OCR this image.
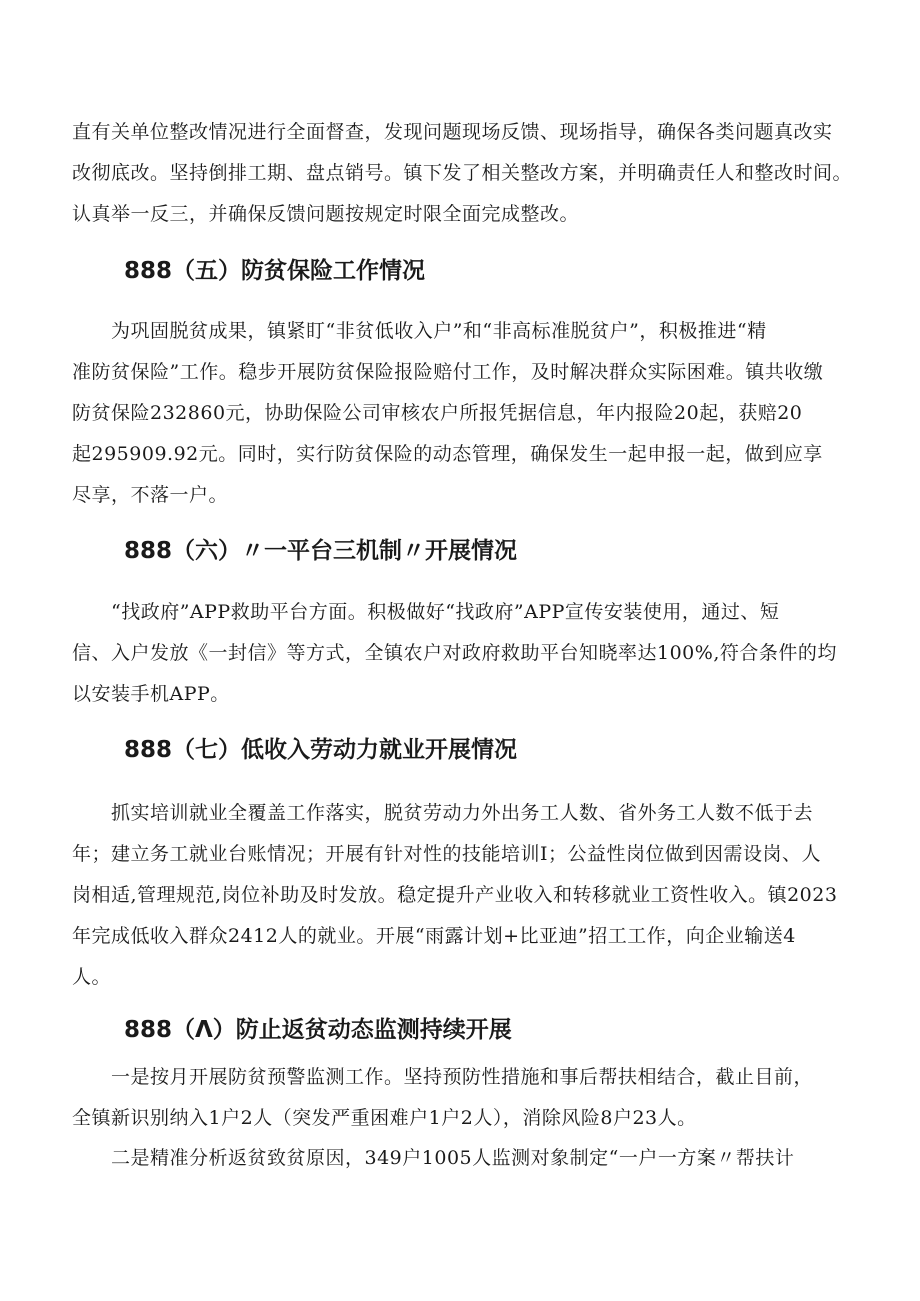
直有关单位整改情况进行全面督查，发现问题现场反馈、现场指导，确保各类问题真改实
改彻底改。坚持倒排工期、盘点销号。镇下发了相关整改方案，并明确责任人和整改时间。
认真举一反三，并确保反馈问题按规定时限全面完成整改。
888（五）防贫保险工作情况
　　为巩固脱贫成果，镇紧盯“非贫低收入户”和“非高标准脱贫户”，积极推进“精
准防贫保险”工作。稳步开展防贫保险报险赔付工作，及时解决群众实际困难。镇共收缴
防贫保险232860元，协助保险公司审核农户所报凭据信息，年内报险20起，获赔20
起295909.92元。同时，实行防贫保险的动态管理，确保发生一起申报一起，做到应享
尽享，不落一户。
888（六）〃一平台三机制〃开展情况
　　“找政府”APP救助平台方面。积极做好“找政府”APP宣传安装使用，通过、短
信、入户发放《一封信》等方式，全镇农户对政府救助平台知晓率达100%,符合条件的均
以安装手机APP。
888（七）低收入劳动力就业开展情况
　　抓实培训就业全覆盖工作落实，脱贫劳动力外出务工人数、省外务工人数不低于去
年；建立务工就业台账情况；开展有针对性的技能培训Ⅰ；公益性岗位做到因需设岗、人
岗相适,管理规范,岗位补助及时发放。稳定提升产业收入和转移就业工资性收入。镇2023
年完成低收入群众2412人的就业。开展“雨露计划+比亚迪”招工工作，向企业输送4
人。
888（Λ）防止返贫动态监测持续开展
　　一是按月开展防贫预警监测工作。坚持预防性措施和事后帮扶相结合，截止目前，
全镇新识别纳入1户2人（突发严重困难户1户2人），消除风险8户23人。
　　二是精准分析返贫致贫原因，349户1005人监测对象制定“一户一方案〃帮扶计
